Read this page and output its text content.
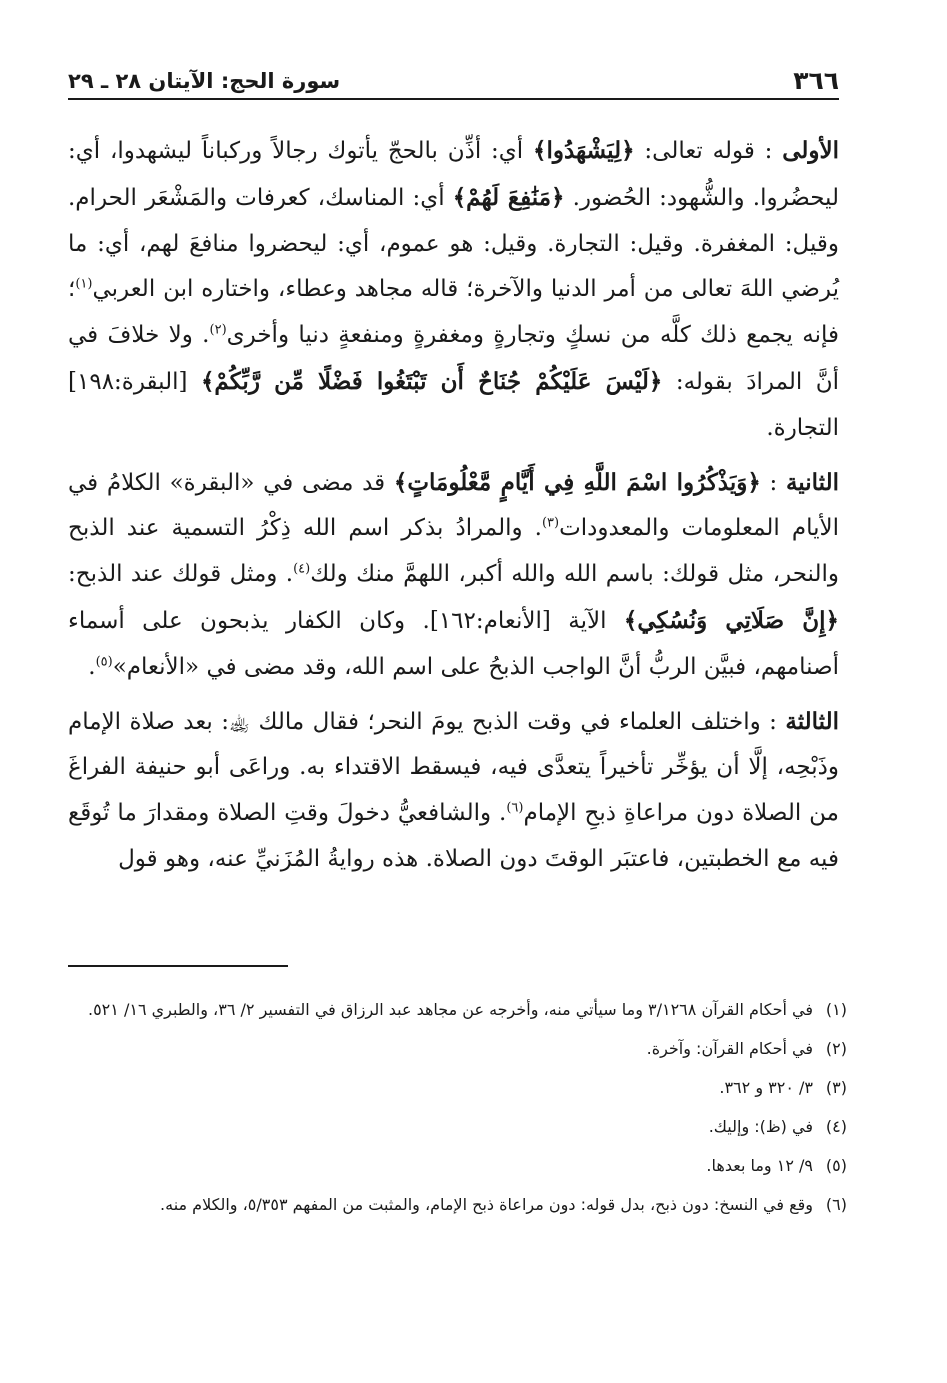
٣٦٦
سورة الحج: الآيتان ٢٨ ـ ٢٩

الأولى : قوله تعالى: ﴿لِيَشْهَدُوا﴾ أي: أذِّن بالحجّ يأتوك رجالاً وركباناً ليشهدوا، أي: ليحضُروا. والشُّهود: الحُضور. ﴿مَنَٰفِعَ لَهُمْ﴾ أي: المناسك، كعرفات والمَشْعَر الحرام. وقيل: المغفرة. وقيل: التجارة. وقيل: هو عموم، أي: ليحضروا منافعَ لهم، أي: ما يُرضي اللهَ تعالى من أمر الدنيا والآخرة؛ قاله مجاهد وعطاء، واختاره ابن العربي$^{(١)}$؛ فإنه يجمع ذلك كلَّه من نسكٍ وتجارةٍ ومغفرةٍ ومنفعةٍ دنيا وأخرى$^{(٢)}$. ولا خلافَ في أنَّ المرادَ بقوله: ﴿لَيْسَ عَلَيْكُمْ جُنَاحٌ أَن تَبْتَغُوا فَضْلًا مِّن رَّبِّكُمْ﴾ [البقرة:١٩٨] التجارة.

الثانية : ﴿وَيَذْكُرُوا اسْمَ اللَّهِ فِي أَيَّامٍ مَّعْلُومَاتٍ﴾ قد مضى في «البقرة» الكلامُ في الأيام المعلومات والمعدودات$^{(٣)}$. والمرادُ بذكر اسم الله ذِكْرُ التسمية عند الذبح والنحر، مثل قولك: باسم الله والله أكبر، اللهمَّ منك ولك$^{(٤)}$. ومثل قولك عند الذبح: ﴿إِنَّ صَلَاتِي وَنُسُكِي﴾ الآية [الأنعام:١٦٢]. وكان الكفار يذبحون على أسماء أصنامهم، فبيَّن الربُّ أنَّ الواجب الذبحُ على اسم الله، وقد مضى في «الأنعام»$^{(٥)}$.

الثالثة : واختلف العلماء في وقت الذبح يومَ النحر؛ فقال مالك ﵀: بعد صلاة الإمام وذَبْحِه، إلَّا أن يؤخِّر تأخيراً يتعدَّى فيه، فيسقط الاقتداء به. وراعَى أبو حنيفة الفراغَ من الصلاة دون مراعاةِ ذبحِ الإمام$^{(٦)}$. والشافعيُّ دخولَ وقتِ الصلاة ومقدارَ ما تُوقَع فيه مع الخطبتين، فاعتبَر الوقتَ دون الصلاة. هذه روايةُ المُزَنيِّ عنه، وهو قول

(١)
في أحكام القرآن ٣/١٢٦٨ وما سيأتي منه، وأخرجه عن مجاهد عبد الرزاق في التفسير ٢/ ٣٦، والطبري ١٦/ ٥٢١.
(٢)
في أحكام القرآن: وآخرة.
(٣)
٣/ ٣٢٠ و ٣٦٢.
(٤)
في (ظ): وإليك.
(٥)
٩/ ١٢ وما بعدها.
(٦)
وقع في النسخ: دون ذبح، بدل قوله: دون مراعاة ذبح الإمام، والمثبت من المفهم ٥/٣٥٣، والكلام منه.
